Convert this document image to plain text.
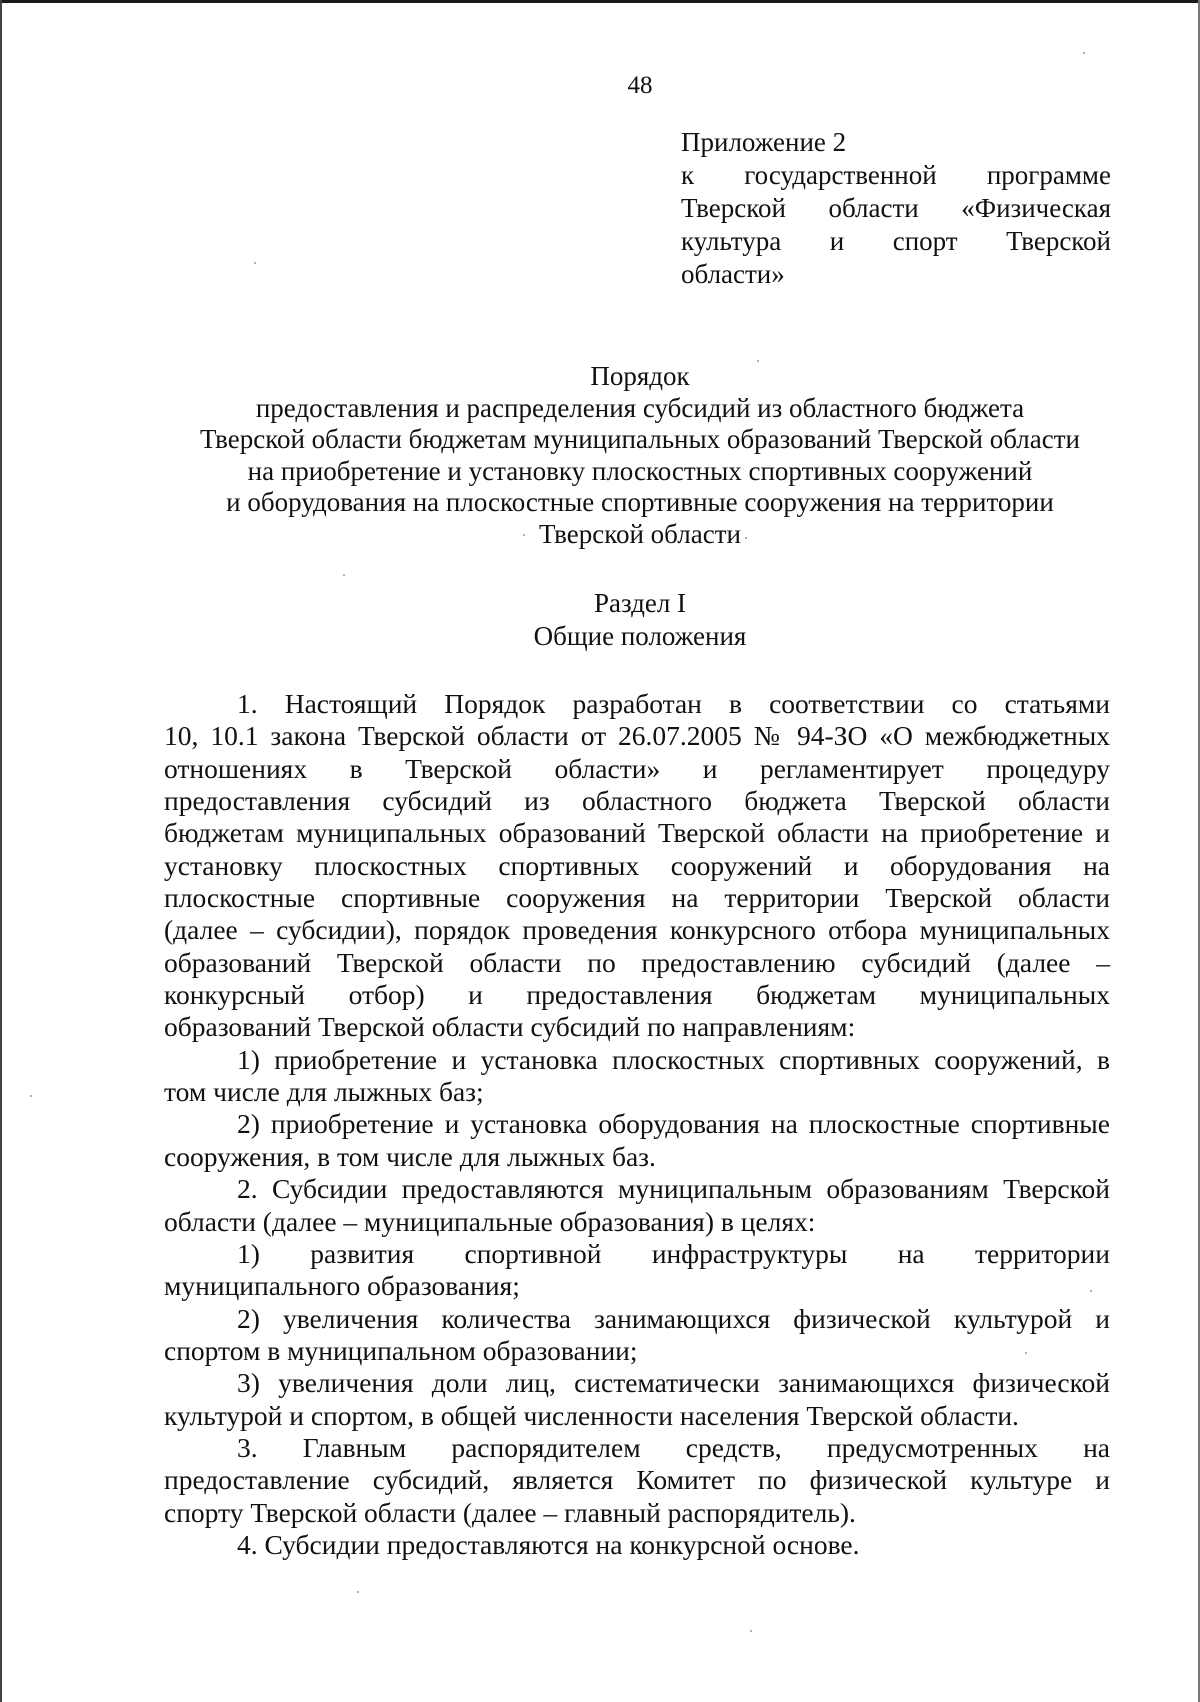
48
Приложение 2
к государственной программе
Тверской области «Физическая
культура и спорт Тверской
области»
Порядок
предоставления и распределения субсидий из областного бюджета
Тверской области бюджетам муниципальных образований Тверской области
на приобретение и установку плоскостных спортивных сооружений
и оборудования на плоскостные спортивные сооружения на территории
Тверской области
Раздел I
Общие положения
1. Настоящий Порядок разработан в соответствии со статьями
10, 10.1 закона Тверской области от 26.07.2005 № 94-ЗО «О межбюджетных
отношениях в Тверской области» и регламентирует процедуру
предоставления субсидий из областного бюджета Тверской области
бюджетам муниципальных образований Тверской области на приобретение и
установку плоскостных спортивных сооружений и оборудования на
плоскостные спортивные сооружения на территории Тверской области
(далее – субсидии), порядок проведения конкурсного отбора муниципальных
образований Тверской области по предоставлению субсидий (далее –
конкурсный отбор) и предоставления бюджетам муниципальных
образований Тверской области субсидий по направлениям:
1) приобретение и установка плоскостных спортивных сооружений, в
том числе для лыжных баз;
2) приобретение и установка оборудования на плоскостные спортивные
сооружения, в том числе для лыжных баз.
2. Субсидии предоставляются муниципальным образованиям Тверской
области (далее – муниципальные образования) в целях:
1) развития спортивной инфраструктуры на территории
муниципального образования;
2) увеличения количества занимающихся физической культурой и
спортом в муниципальном образовании;
3) увеличения доли лиц, систематически занимающихся физической
культурой и спортом, в общей численности населения Тверской области.
3. Главным распорядителем средств, предусмотренных на
предоставление субсидий, является Комитет по физической культуре и
спорту Тверской области (далее – главный распорядитель).
4. Субсидии предоставляются на конкурсной основе.
